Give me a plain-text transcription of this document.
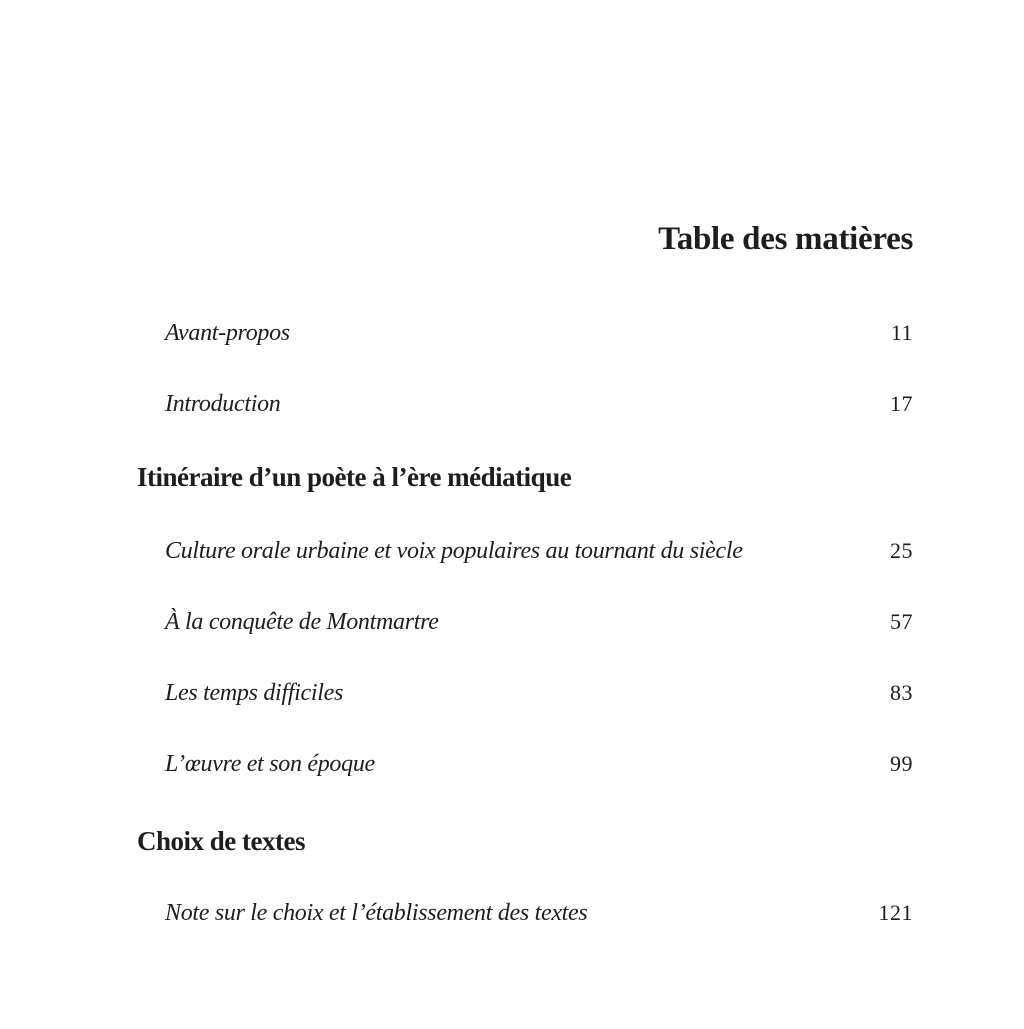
Table des matières
Avant-propos	11
Introduction	17
Itinéraire d’un poète à l’ère médiatique
Culture orale urbaine et voix populaires au tournant du siècle	25
À la conquête de Montmartre	57
Les temps difficiles	83
L’œuvre et son époque	99
Choix de textes
Note sur le choix et l’établissement des textes	121
